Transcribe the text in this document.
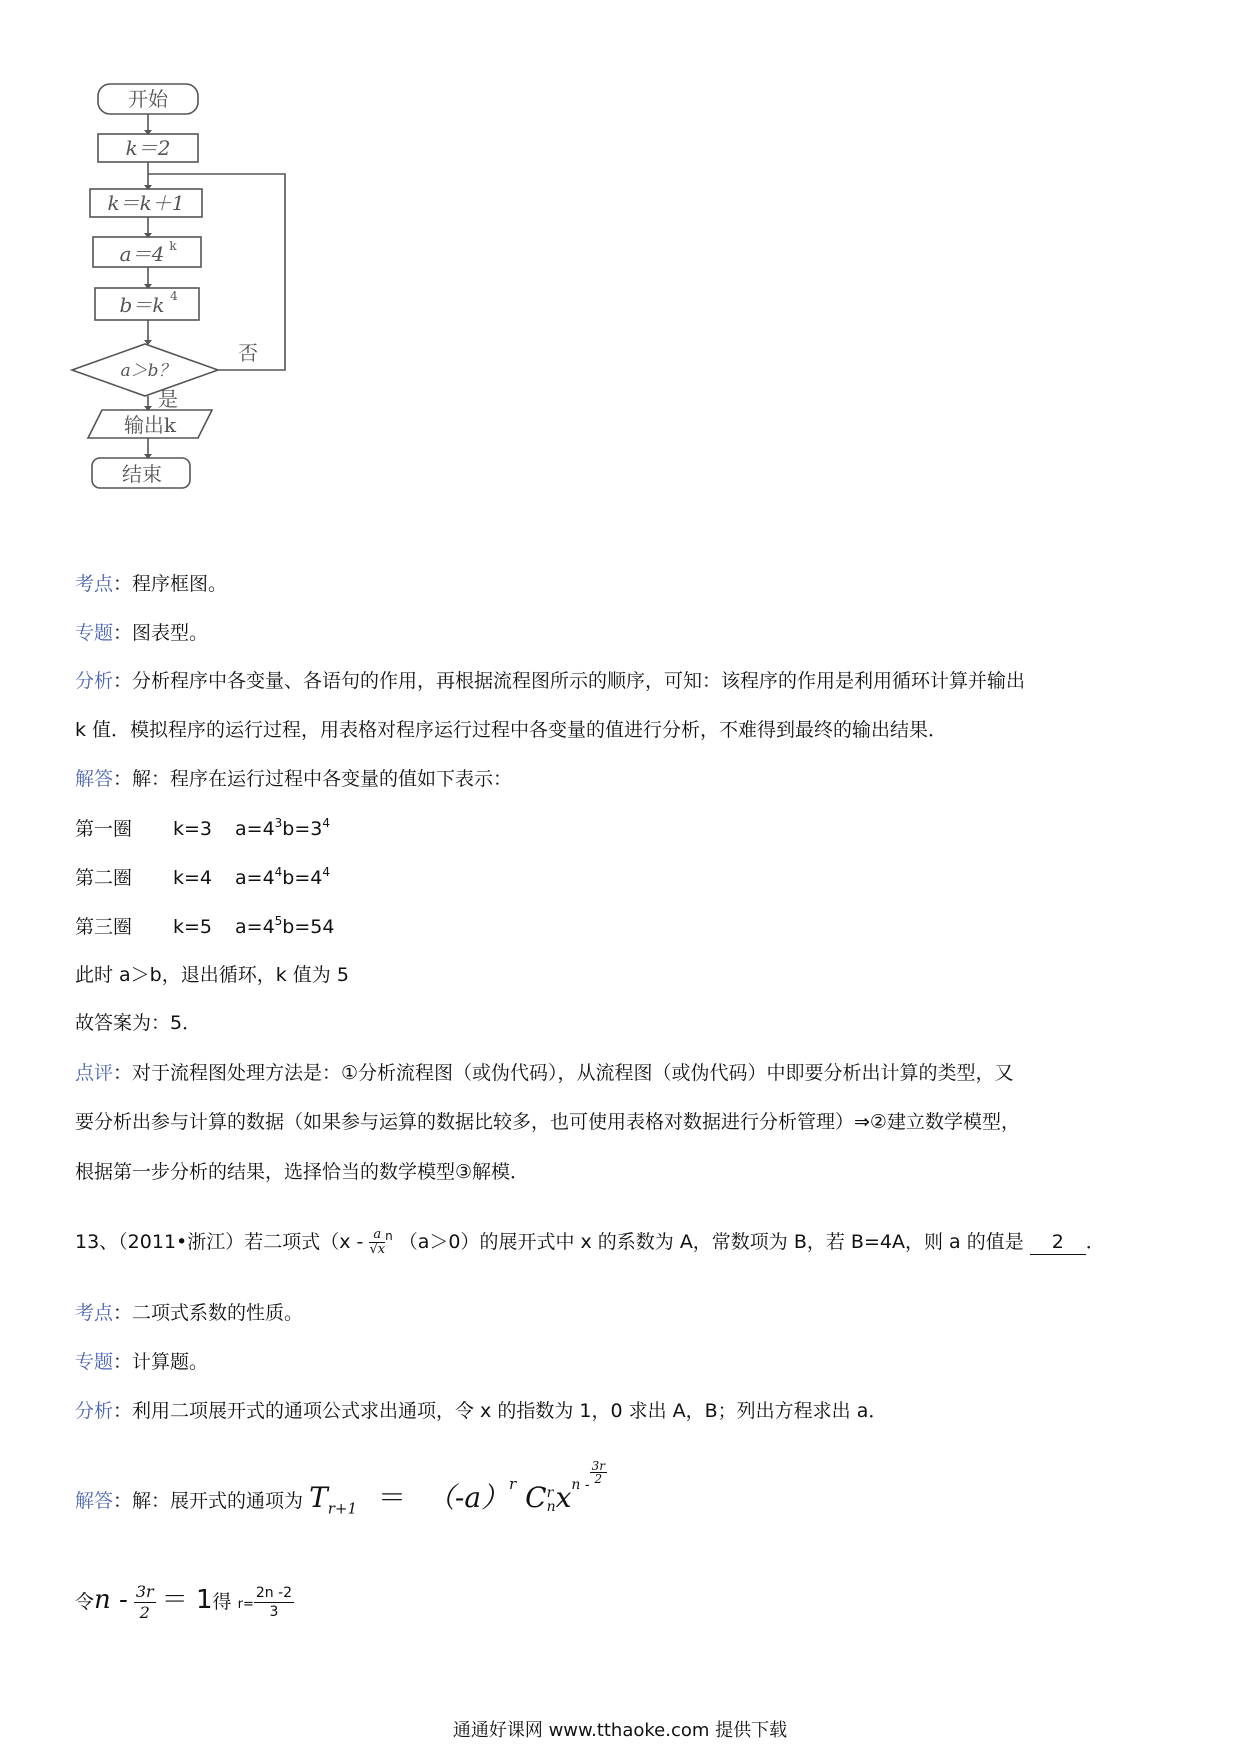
开始
k＝2
k＝k＋1
a＝4 k
b＝k 4
a＞b？
否
是
输出k
结束
考点：程序框图。
专题：图表型。
分析：分析程序中各变量、各语句的作用，再根据流程图所示的顺序，可知：该程序的作用是利用循环计算并输出
k 值．模拟程序的运行过程，用表格对程序运行过程中各变量的值进行分析，不难得到最终的输出结果．
解答：解：程序在运行过程中各变量的值如下表示：
第一圈 k=3 $a=4^3b=3^4$
第二圈 k=4 $a=4^4b=4^4$
第三圈 k=5 $a=4^5b=54$
此时 a＞b，退出循环，k 值为 5
故答案为：5．
点评：对于流程图处理方法是：①分析流程图（或伪代码），从流程图（或伪代码）中即要分析出计算的类型，又
要分析出参与计算的数据（如果参与运算的数据比较多，也可使用表格对数据进行分析管理）⇒②建立数学模型，
根据第一步分析的结果，选择恰当的数学模型③解模．
13、（2011•浙江）若二项式（$x - \frac{a}{√x} ^n$ （a＞0）的展开式中 x 的系数为 A，常数项为 B，若 B=4A，则 a 的值是 2 ．
考点：二项式系数的性质。
专题：计算题。
分析：利用二项展开式的通项公式求出通项，令 x 的指数为 1，0 求出 A，B；列出方程求出 a．
解答：解：展开式的通项为 $T_{r+1} = (-a)^r$ C r
n $x^{n - \frac{3r}{2}}$
令$n - \frac{3r}{2} = 1$得 $r= \frac{2n -2}{3}$
通通好课网 www.tthaoke.com 提供下载
